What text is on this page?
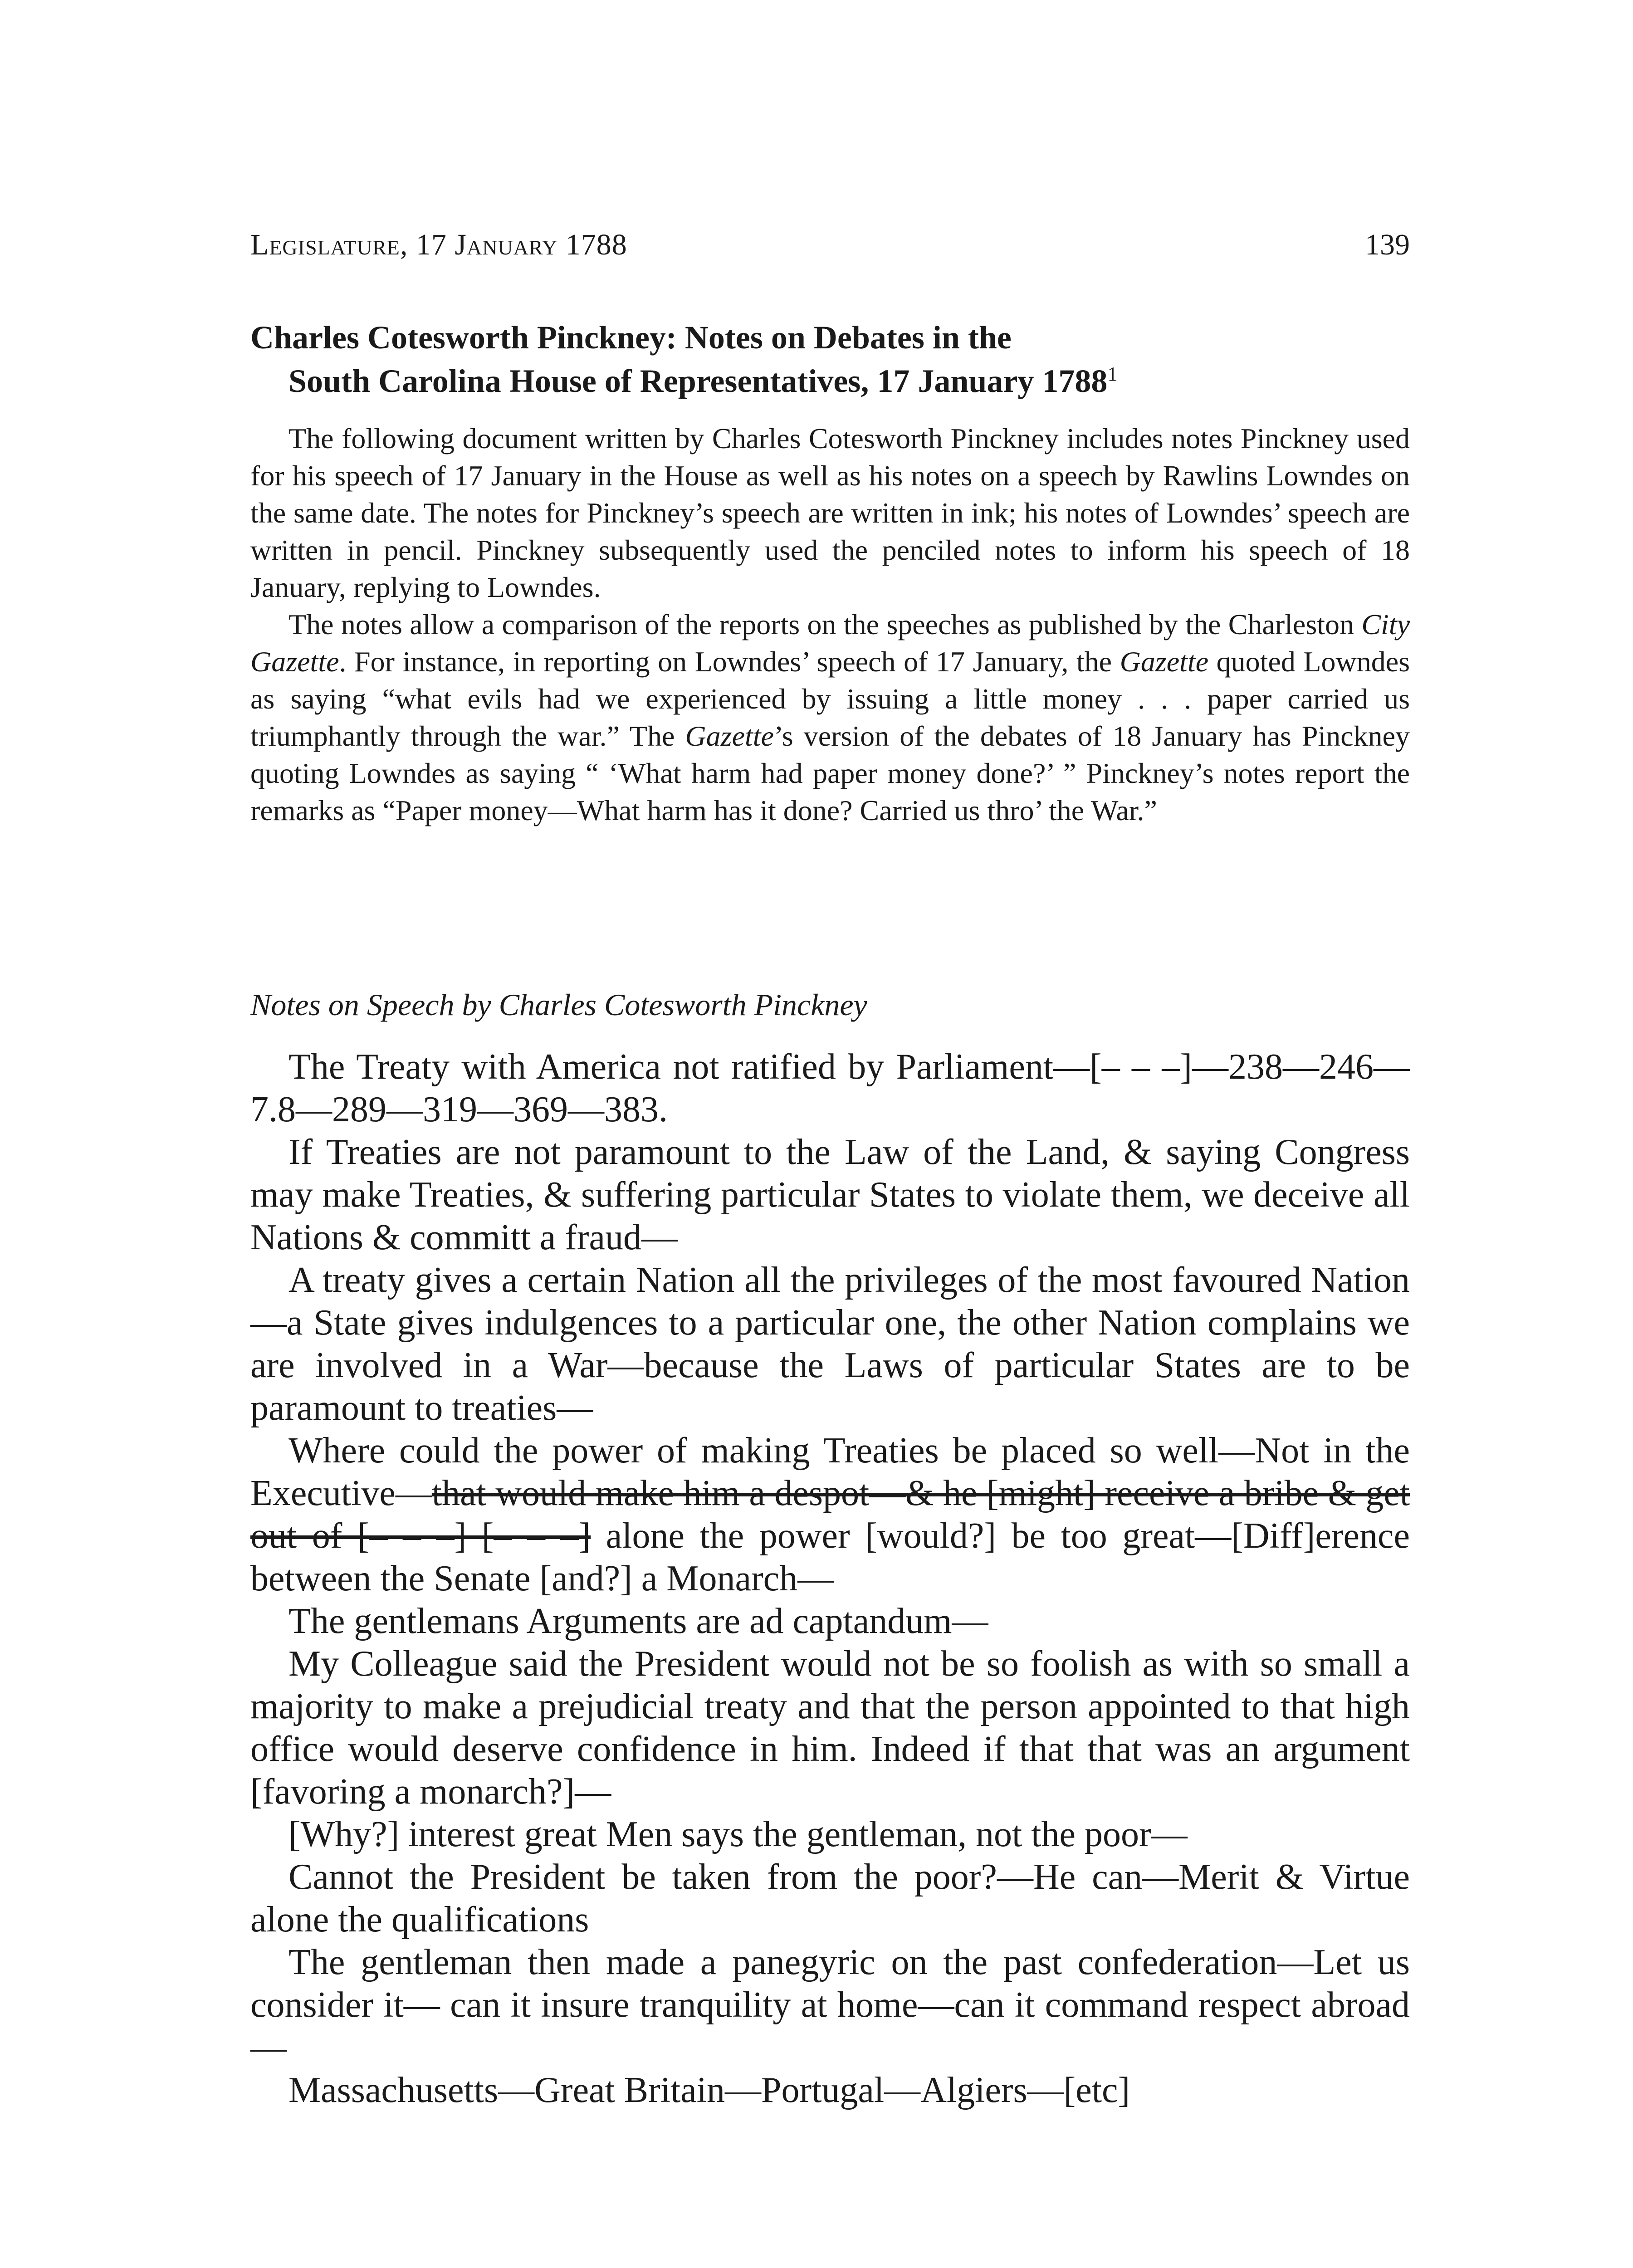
Legislature, 17 January 1788	139
Charles Cotesworth Pinckney: Notes on Debates in the
South Carolina House of Representatives, 17 January 1788$^1$

The following document written by Charles Cotesworth Pinckney includes notes Pinckney used for his speech of 17 January in the House as well as his notes on a speech by Rawlins Lowndes on the same date. The notes for Pinckney’s speech are written in ink; his notes of Lowndes’ speech are written in pencil. Pinckney subsequently used the penciled notes to inform his speech of 18 January, replying to Lowndes.

The notes allow a comparison of the reports on the speeches as published by the Charleston City Gazette. For instance, in reporting on Lowndes’ speech of 17 January, the Gazette quoted Lowndes as saying “what evils had we experienced by issuing a little money . . . paper carried us triumphantly through the war.” The Gazette’s version of the debates of 18 January has Pinckney quoting Lowndes as saying “ ‘What harm had paper money done?’ ” Pinckney’s notes report the remarks as “Paper money—What harm has it done? Carried us thro’ the War.”

Notes on Speech by Charles Cotesworth Pinckney

The Treaty with America not ratified by Parliament—[– – –]—238—246—7.8—289—319—369—383.

If Treaties are not paramount to the Law of the Land, & saying Congress may make Treaties, & suffering particular States to violate them, we deceive all Nations & committ a fraud—

A treaty gives a certain Nation all the privileges of the most favoured Nation—a State gives indulgences to a particular one, the other Nation complains we are involved in a War—because the Laws of particular States are to be paramount to treaties—

Where could the power of making Treaties be placed so well—Not in the Executive—that would make him a despot—& he [might] receive a bribe & get out of [– – –] [– – –] alone the power [would?] be too great—[Diff]erence between the Senate [and?] a Monarch—

The gentlemans Arguments are ad captandum—

My Colleague said the President would not be so foolish as with so small a majority to make a prejudicial treaty and that the person appointed to that high office would deserve confidence in him. Indeed if that that was an argument [favoring a monarch?]—

[Why?] interest great Men says the gentleman, not the poor—

Cannot the President be taken from the poor?—He can—Merit & Virtue alone the qualifications

The gentleman then made a panegyric on the past confederation—Let us consider it— can it insure tranquility at home—can it command respect abroad—

Massachusetts—Great Britain—Portugal—Algiers—[etc]
